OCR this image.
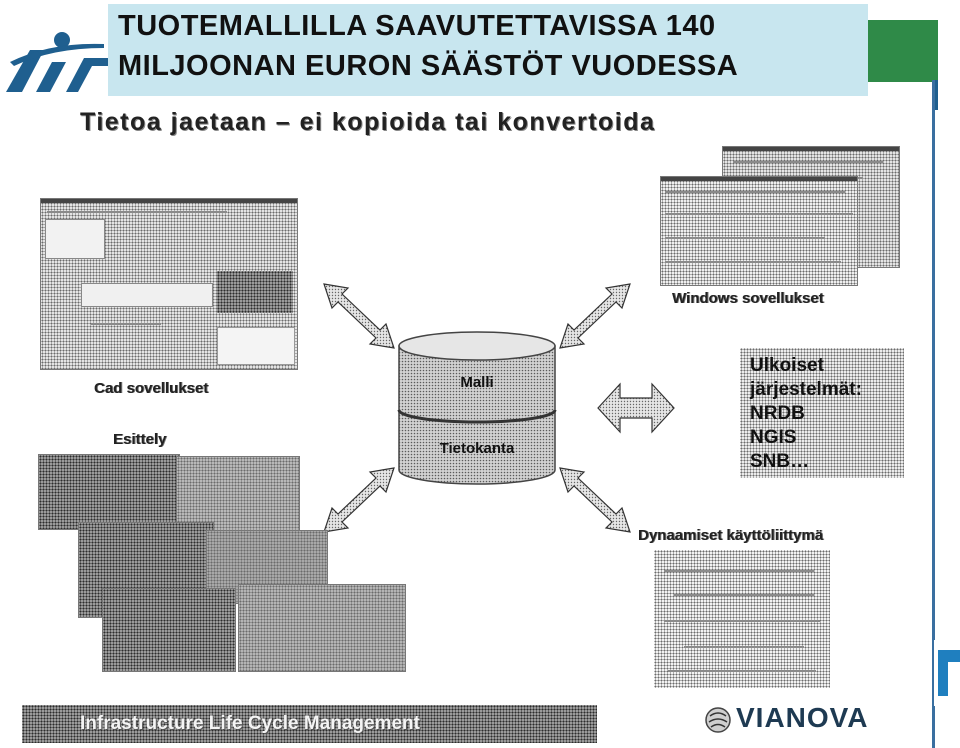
TUOTEMALLILLA SAAVUTETTAVISSA 140
MILJOONAN EURON SÄÄSTÖT VUODESSA
Tietoa jaetaan – ei kopioida tai konvertoida
Cad sovellukset
Windows sovellukset
Malli
Tietokanta
Ulkoiset
järjestelmät:
NRDB
NGIS
SNB…
Esittely
Dynaamiset käyttöliittymä
Infrastructure Life Cycle Management	VIANOVA
